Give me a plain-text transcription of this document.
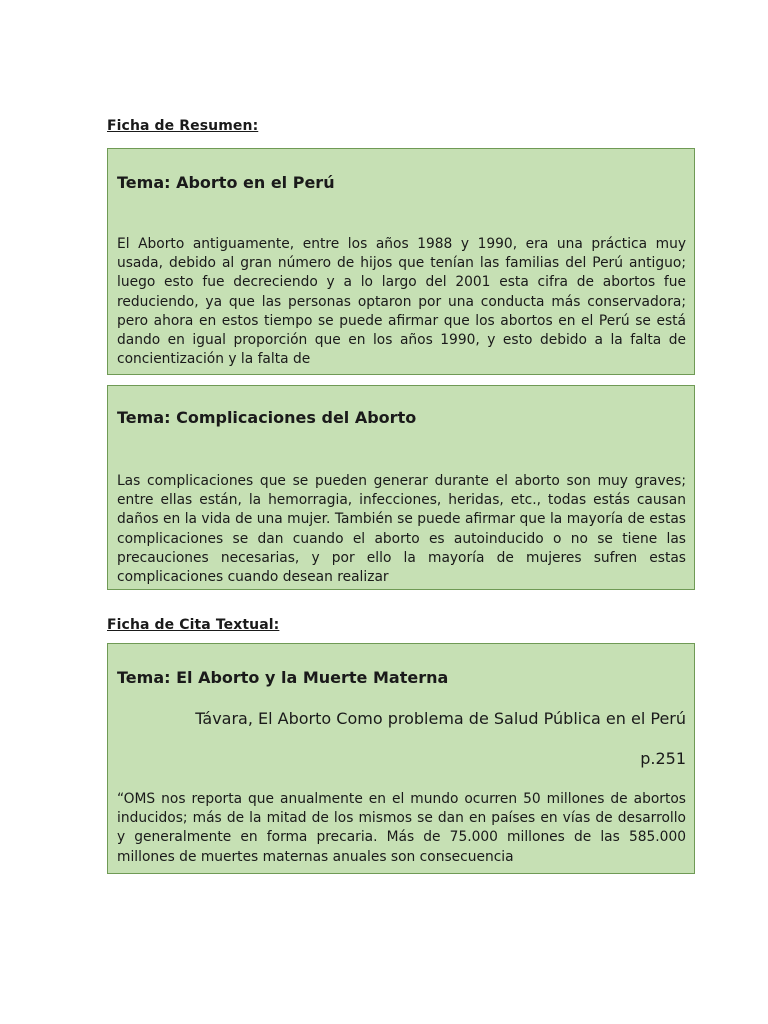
Ficha de Resumen:
Tema: Aborto en el Perú

El Aborto antiguamente, entre los años 1988 y 1990, era una práctica muy usada, debido al gran número de hijos que tenían las familias del Perú antiguo; luego esto fue decreciendo y a lo largo del 2001 esta cifra de abortos fue reduciendo, ya que las personas optaron por una conducta más conservadora; pero ahora en estos tiempo se puede afirmar que los abortos en el Perú se está dando en igual proporción que en los años 1990, y esto debido a la falta de concientización y la falta de

Tema: Complicaciones del Aborto

Las complicaciones que se pueden generar durante el aborto son muy graves; entre ellas están, la hemorragia, infecciones, heridas, etc., todas estás causan daños en la vida de una mujer. También se puede afirmar que la mayoría de estas complicaciones se dan cuando el aborto es autoinducido o no se tiene las precauciones necesarias, y por ello la mayoría de mujeres sufren estas complicaciones cuando desean realizar

Ficha de Cita Textual:
Tema: El Aborto y la Muerte Materna

Távara, El Aborto Como problema de Salud Pública en el Perú

p.251

“OMS nos reporta que anualmente en el mundo ocurren 50 millones de abortos inducidos; más de la mitad de los mismos se dan en países en vías de desarrollo y generalmente en forma precaria. Más de 75.000 millones de las 585.000 millones de muertes maternas anuales son consecuencia
